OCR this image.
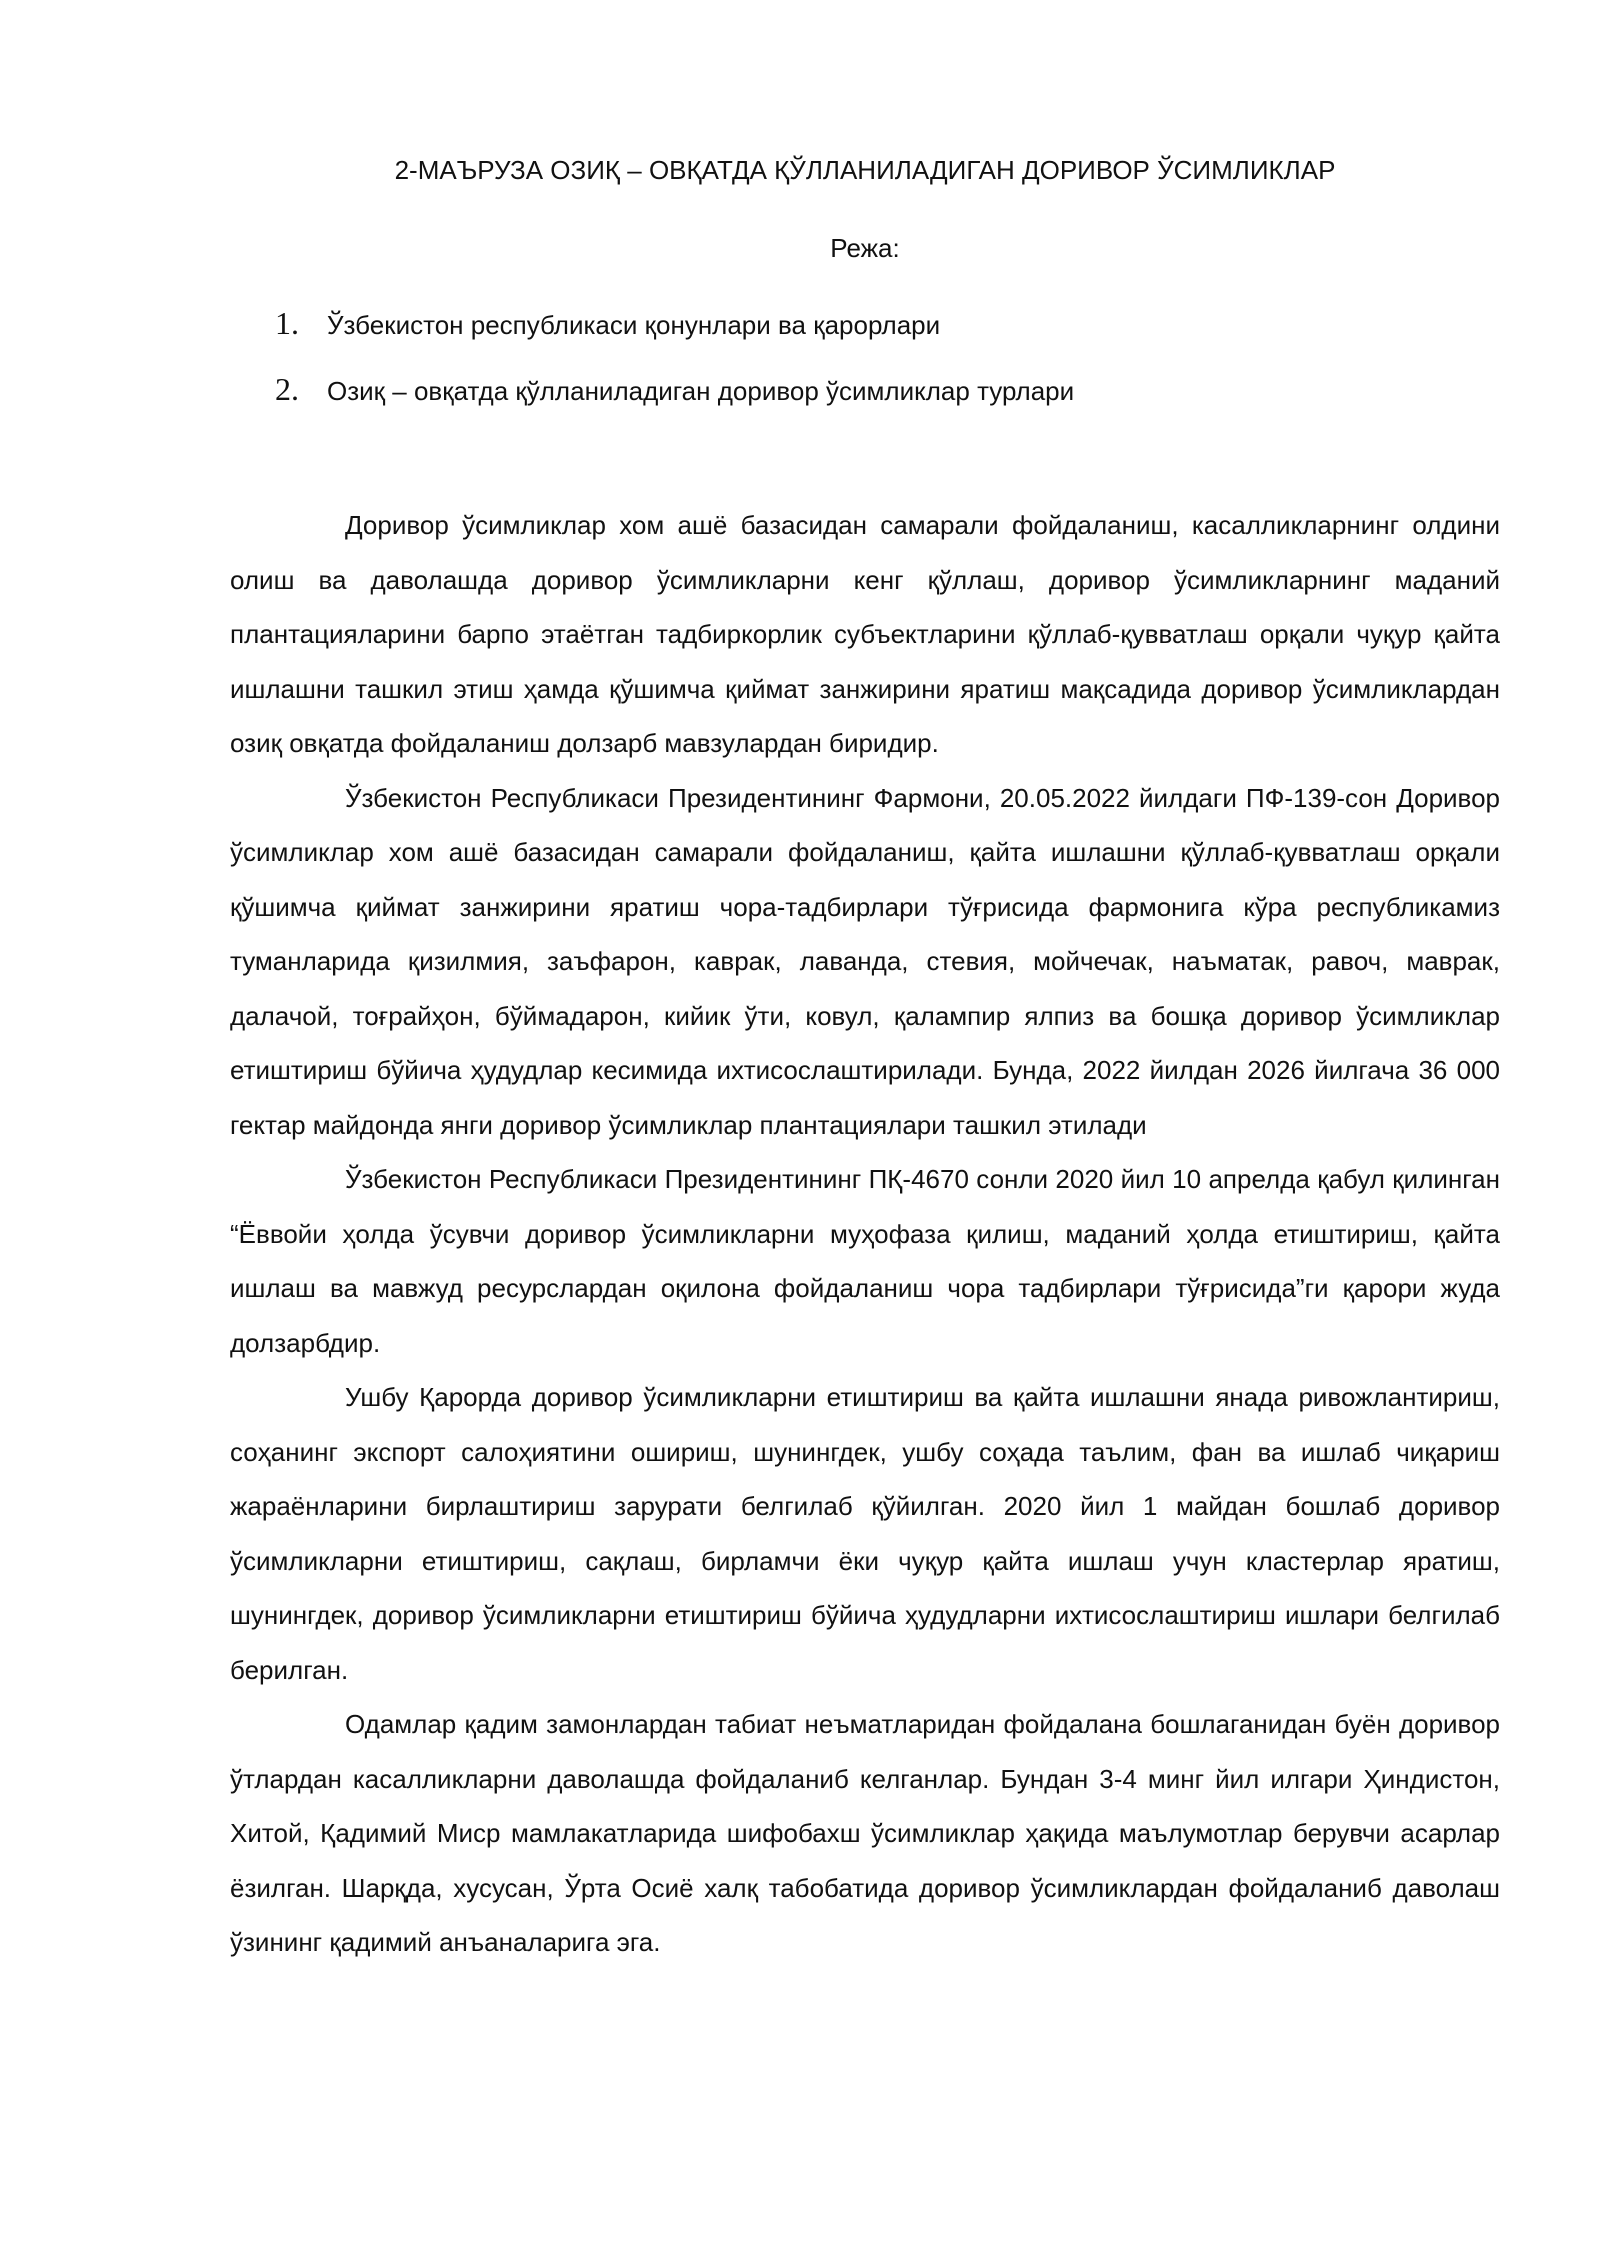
2-МАЪРУЗА ОЗИҚ – ОВҚАТДА ҚЎЛЛАНИЛАДИГАН ДОРИВОР ЎСИМЛИКЛАР
Режа:
1.	Ўзбекистон республикаси қонунлари ва қарорлари
2.	Озиқ – овқатда қўлланиладиган доривор ўсимликлар турлари

Доривор ўсимликлар хом ашё базасидан самарали фойдаланиш, касалликларнинг олдини олиш ва даволашда доривор ўсимликларни кенг қўллаш, доривор ўсимликларнинг маданий плантацияларини барпо этаётган тадбиркорлик субъектларини қўллаб-қувватлаш орқали чуқур қайта ишлашни ташкил этиш ҳамда қўшимча қиймат занжирини яратиш мақсадида доривор ўсимликлардан озиқ овқатда фойдаланиш долзарб мавзулардан биридир.

Ўзбекистон Республикаси Президентининг Фармони, 20.05.2022 йилдаги ПФ-139-сон Доривор ўсимликлар хом ашё базасидан самарали фойдаланиш, қайта ишлашни қўллаб-қувватлаш орқали қўшимча қиймат занжирини яратиш чора-тадбирлари тўғрисида фармонига кўра республикамиз туманларида қизилмия, заъфарон, каврак, лаванда, стевия, мойчечак, наъматак, равоч, маврак, далачой, тоғрайҳон, бўймадарон, кийик ўти, ковул, қалампир ялпиз ва бошқа доривор ўсимликлар етиштириш бўйича ҳудудлар кесимида ихтисослаштирилади. Бунда, 2022 йилдан 2026 йилгача 36 000 гектар майдонда янги доривор ўсимликлар плантациялари ташкил этилади

Ўзбекистон Республикаси Президентининг ПҚ-4670 сонли 2020 йил 10 апрелда қабул қилинган “Ёввойи ҳолда ўсувчи доривор ўсимликларни муҳофаза қилиш, маданий ҳолда етиштириш, қайта ишлаш ва мавжуд ресурслардан оқилона фойдаланиш чора тадбирлари тўғрисида”ги қарори жуда долзарбдир.

Ушбу Қарорда доривор ўсимликларни етиштириш ва қайта ишлашни янада ривожлантириш, соҳанинг экспорт салоҳиятини ошириш, шунингдек, ушбу соҳада таълим, фан ва ишлаб чиқариш жараёнларини бирлаштириш зарурати белгилаб қўйилган. 2020 йил 1 майдан бошлаб доривор ўсимликларни етиштириш, сақлаш, бирламчи ёки чуқур қайта ишлаш учун кластерлар яратиш, шунингдек, доривор ўсимликларни етиштириш бўйича ҳудудларни ихтисослаштириш ишлари белгилаб берилган.

Одамлар қадим замонлардан табиат неъматларидан фойдалана бошлаганидан буён доривор ўтлардан касалликларни даволашда фойдаланиб келганлар. Бундан 3-4 минг йил илгари Ҳиндистон, Хитой, Қадимий Миср мамлакатларида шифобахш ўсимликлар ҳақида маълумотлар берувчи асарлар ёзилган. Шарқда, хусусан, Ўрта Осиё халқ табобатида доривор ўсимликлардан фойдаланиб даволаш ўзининг қадимий анъаналарига эга.
